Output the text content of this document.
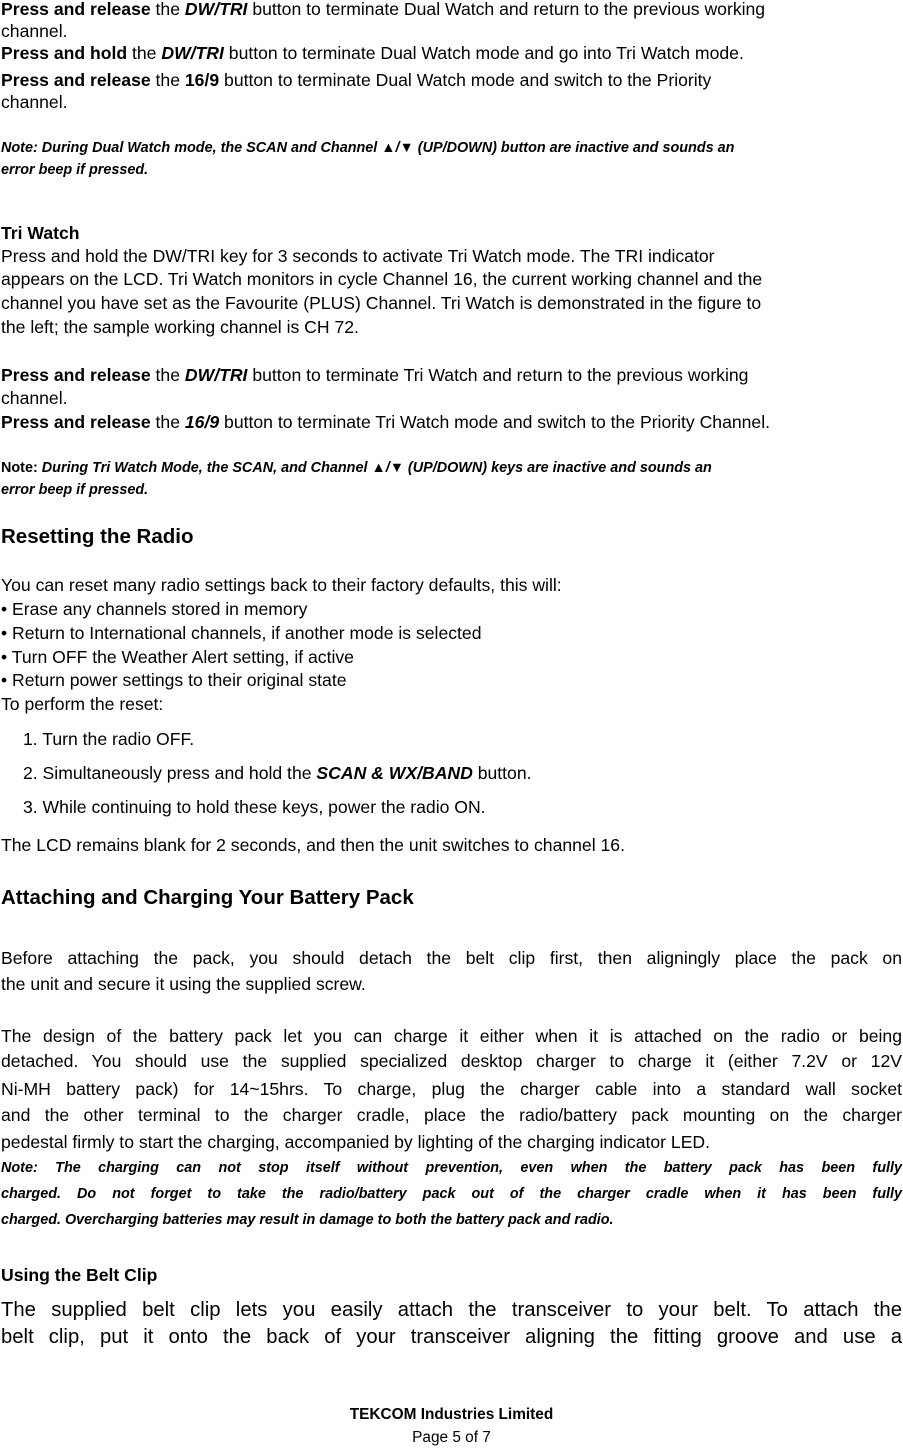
Press and release the DW/TRI button to terminate Dual Watch and return to the previous working
channel.
Press and hold the DW/TRI button to terminate Dual Watch mode and go into Tri Watch mode.
Press and release the 16/9 button to terminate Dual Watch mode and switch to the Priority
channel.
Note: During Dual Watch mode, the SCAN and Channel ▲/▼ (UP/DOWN) button are inactive and sounds an
error beep if pressed.
Tri Watch
Press and hold the DW/TRI key for 3 seconds to activate Tri Watch mode. The TRI indicator
appears on the LCD. Tri Watch monitors in cycle Channel 16, the current working channel and the
channel you have set as the Favourite (PLUS) Channel. Tri Watch is demonstrated in the figure to
the left; the sample working channel is CH 72.
Press and release the DW/TRI button to terminate Tri Watch and return to the previous working
channel.
Press and release the 16/9 button to terminate Tri Watch mode and switch to the Priority Channel.
Note: During Tri Watch Mode, the SCAN, and Channel ▲/▼ (UP/DOWN) keys are inactive and sounds an
error beep if pressed.
Resetting the Radio
You can reset many radio settings back to their factory defaults, this will:
• Erase any channels stored in memory
• Return to International channels, if another mode is selected
• Turn OFF the Weather Alert setting, if active
• Return power settings to their original state
To perform the reset:
1. Turn the radio OFF.
2. Simultaneously press and hold the SCAN & WX/BAND button.
3. While continuing to hold these keys, power the radio ON.
The LCD remains blank for 2 seconds, and then the unit switches to channel 16.
Attaching and Charging Your Battery Pack
Before attaching the pack, you should detach the belt clip first, then aligningly place the pack on
the unit and secure it using the supplied screw.
The design of the battery pack let you can charge it either when it is attached on the radio or being
detached. You should use the supplied specialized desktop charger to charge it (either 7.2V or 12V
Ni-MH battery pack) for 14~15hrs. To charge, plug the charger cable into a standard wall socket
and the other terminal to the charger cradle, place the radio/battery pack mounting on the charger
pedestal firmly to start the charging, accompanied by lighting of the charging indicator LED.
Note: The charging can not stop itself without prevention, even when the battery pack has been fully
charged. Do not forget to take the radio/battery pack out of the charger cradle when it has been fully
charged. Overcharging batteries may result in damage to both the battery pack and radio.
Using the Belt Clip
The supplied belt clip lets you easily attach the transceiver to your belt. To attach the
belt clip, put it onto the back of your transceiver aligning the fitting groove and use a
TEKCOM Industries Limited
Page 5 of 7
